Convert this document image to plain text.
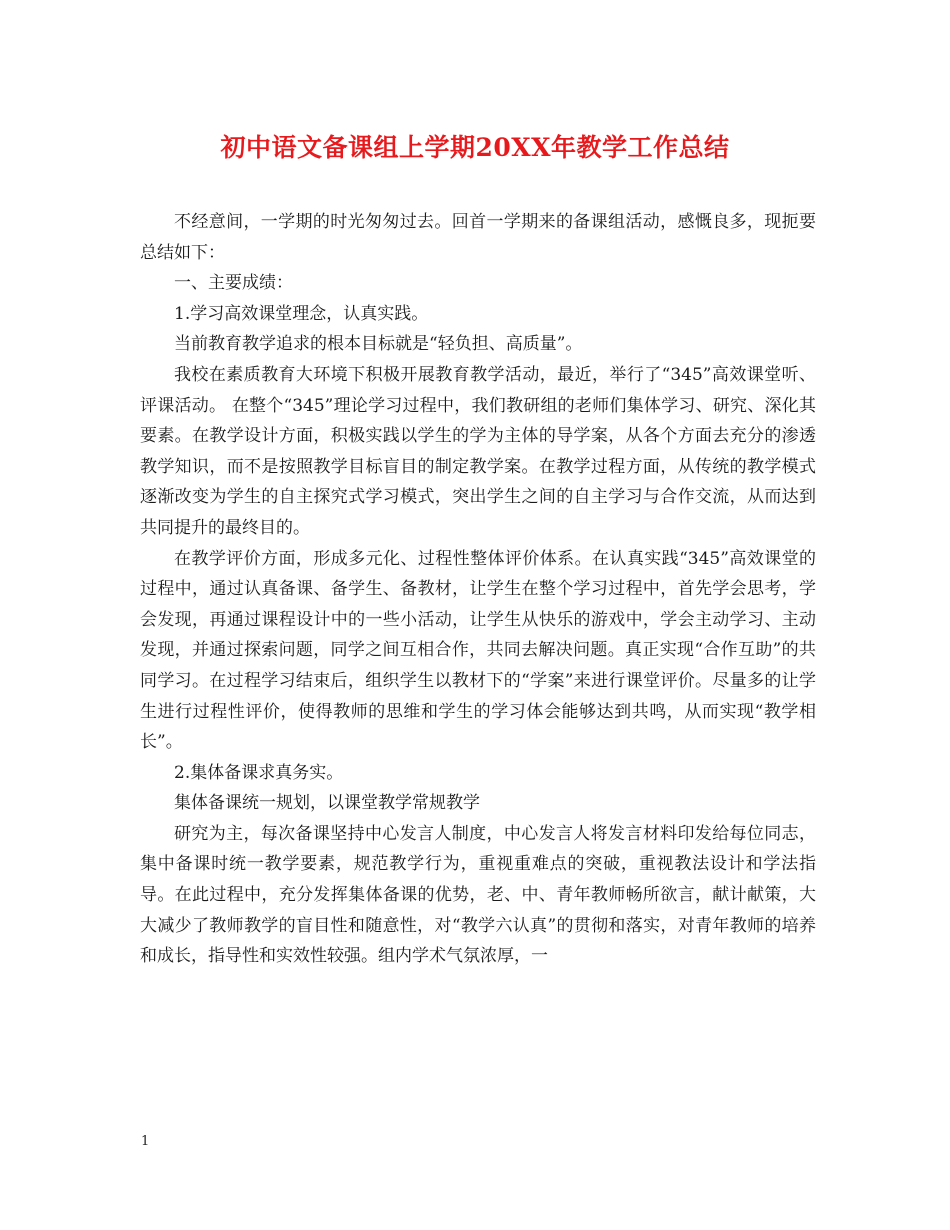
初中语文备课组上学期20XX年教学工作总结

不经意间，一学期的时光匆匆过去。回首一学期来的备课组活动，感慨良多，现扼要总结如下：

一、主要成绩：

1.学习高效课堂理念，认真实践。

当前教育教学追求的根本目标就是“轻负担、高质量”。

我校在素质教育大环境下积极开展教育教学活动，最近，举行了“345”高效课堂听、评课活动。 在整个“345”理论学习过程中，我们教研组的老师们集体学习、研究、深化其要素。在教学设计方面，积极实践以学生的学为主体的导学案，从各个方面去充分的渗透教学知识，而不是按照教学目标盲目的制定教学案。在教学过程方面，从传统的教学模式逐渐改变为学生的自主探究式学习模式，突出学生之间的自主学习与合作交流，从而达到共同提升的最终目的。

在教学评价方面，形成多元化、过程性整体评价体系。在认真实践“345”高效课堂的过程中，通过认真备课、备学生、备教材，让学生在整个学习过程中，首先学会思考，学会发现，再通过课程设计中的一些小活动，让学生从快乐的游戏中，学会主动学习、主动发现，并通过探索问题，同学之间互相合作，共同去解决问题。真正实现“合作互助”的共同学习。在过程学习结束后，组织学生以教材下的“学案”来进行课堂评价。尽量多的让学生进行过程性评价，使得教师的思维和学生的学习体会能够达到共鸣，从而实现“教学相长”。

2.集体备课求真务实。

集体备课统一规划，以课堂教学常规教学

研究为主，每次备课坚持中心发言人制度，中心发言人将发言材料印发给每位同志，集中备课时统一教学要素，规范教学行为，重视重难点的突破，重视教法设计和学法指导。在此过程中，充分发挥集体备课的优势，老、中、青年教师畅所欲言，献计献策，大大减少了教师教学的盲目性和随意性，对“教学六认真”的贯彻和落实，对青年教师的培养和成长，指导性和实效性较强。组内学术气氛浓厚，一

1
